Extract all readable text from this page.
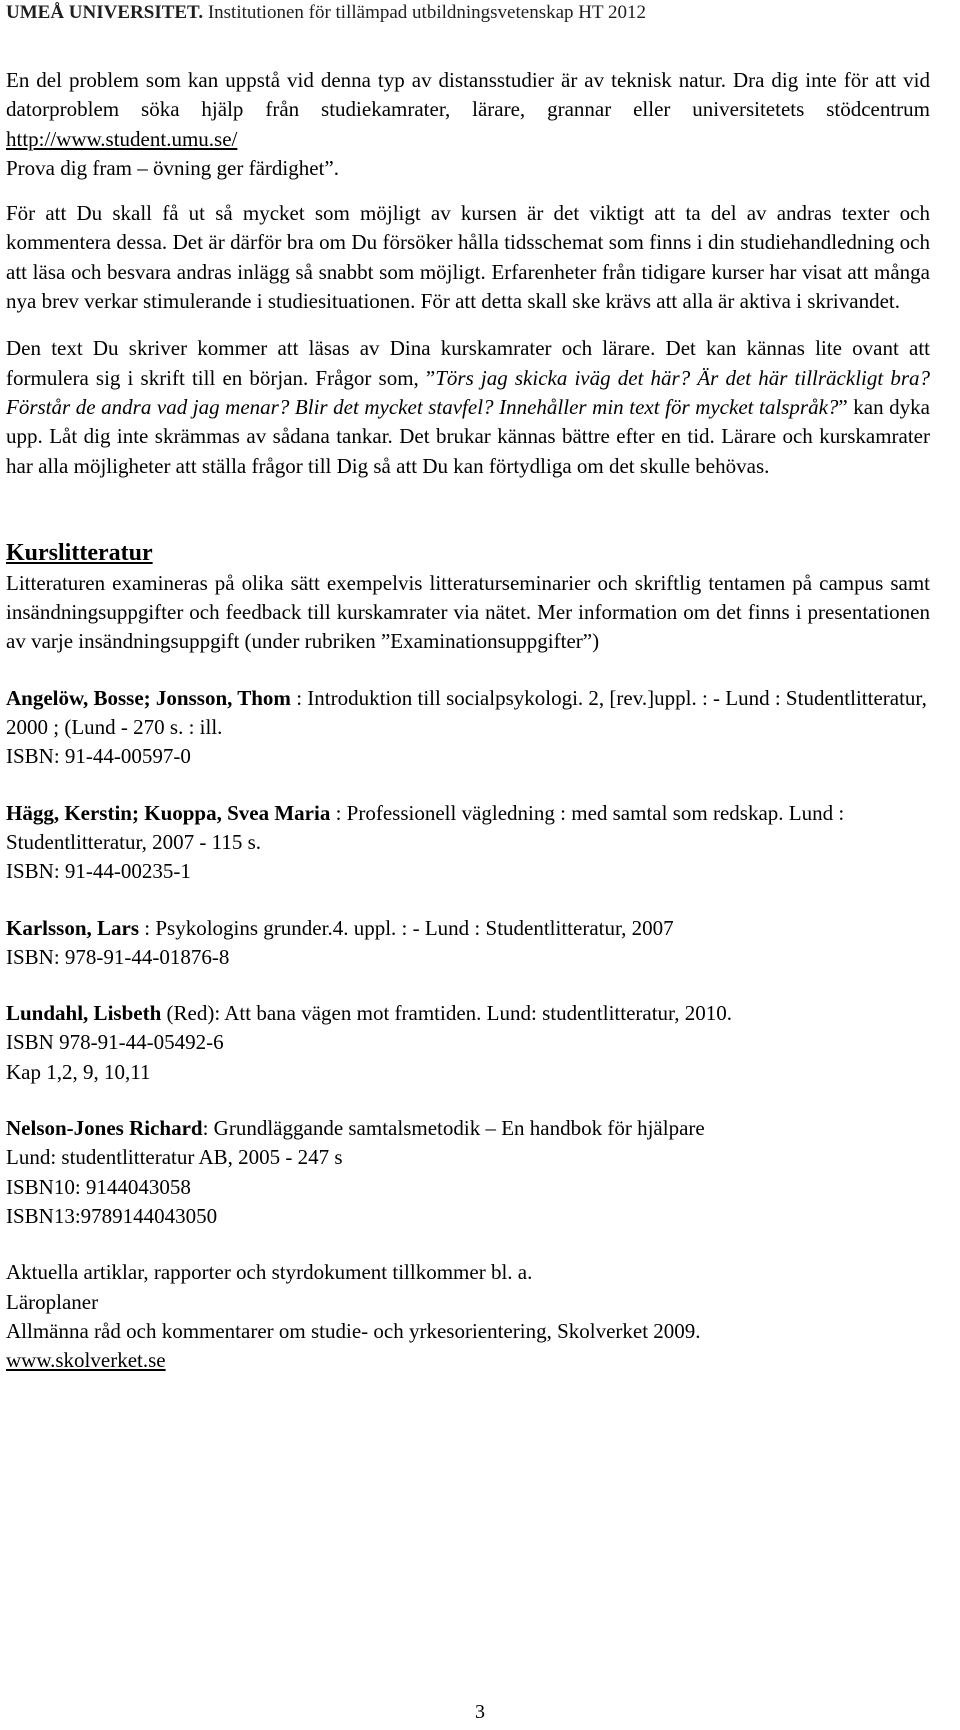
UMEÅ UNIVERSITET. Institutionen för tillämpad utbildningsvetenskap HT 2012

En del problem som kan uppstå vid denna typ av distansstudier är av teknisk natur. Dra dig inte för att vid datorproblem söka hjälp från studiekamrater, lärare, grannar eller universitetets stödcentrum http://www.student.umu.se/

Prova dig fram – övning ger färdighet”.

För att Du skall få ut så mycket som möjligt av kursen är det viktigt att ta del av andras texter och kommentera dessa. Det är därför bra om Du försöker hålla tidsschemat som finns i din studiehandledning och att läsa och besvara andras inlägg så snabbt som möjligt. Erfarenheter från tidigare kurser har visat att många nya brev verkar stimulerande i studiesituationen. För att detta skall ske krävs att alla är aktiva i skrivandet.

Den text Du skriver kommer att läsas av Dina kurskamrater och lärare. Det kan kännas lite ovant att formulera sig i skrift till en början. Frågor som, ”Törs jag skicka iväg det här? Är det här tillräckligt bra? Förstår de andra vad jag menar? Blir det mycket stavfel? Innehåller min text för mycket talspråk?” kan dyka upp. Låt dig inte skrämmas av sådana tankar. Det brukar kännas bättre efter en tid. Lärare och kurskamrater har alla möjligheter att ställa frågor till Dig så att Du kan förtydliga om det skulle behövas.

Kurslitteratur

Litteraturen examineras på olika sätt exempelvis litteraturseminarier och skriftlig tentamen på campus samt insändningsuppgifter och feedback till kurskamrater via nätet. Mer information om det finns i presentationen av varje insändningsuppgift (under rubriken ”Examinationsuppgifter”)

Angelöw, Bosse; Jonsson, Thom : Introduktion till socialpsykologi. 2, [rev.]uppl. : - Lund : Studentlitteratur, 2000 ; (Lund - 270 s. : ill.
ISBN: 91-44-00597-0

Hägg, Kerstin; Kuoppa, Svea Maria : Professionell vägledning : med samtal som redskap. Lund : Studentlitteratur, 2007 - 115 s.
ISBN: 91-44-00235-1

Karlsson, Lars : Psykologins grunder.4. uppl. : - Lund : Studentlitteratur, 2007
ISBN: 978-91-44-01876-8

Lundahl, Lisbeth (Red): Att bana vägen mot framtiden. Lund: studentlitteratur, 2010.
ISBN 978-91-44-05492-6
Kap 1,2, 9, 10,11

Nelson-Jones Richard: Grundläggande samtalsmetodik – En handbok för hjälpare
Lund: studentlitteratur AB, 2005 - 247 s
ISBN10: 9144043058
ISBN13:9789144043050

Aktuella artiklar, rapporter och styrdokument tillkommer bl. a.
Läroplaner
Allmänna råd och kommentarer om studie- och yrkesorientering, Skolverket 2009.
www.skolverket.se

3
